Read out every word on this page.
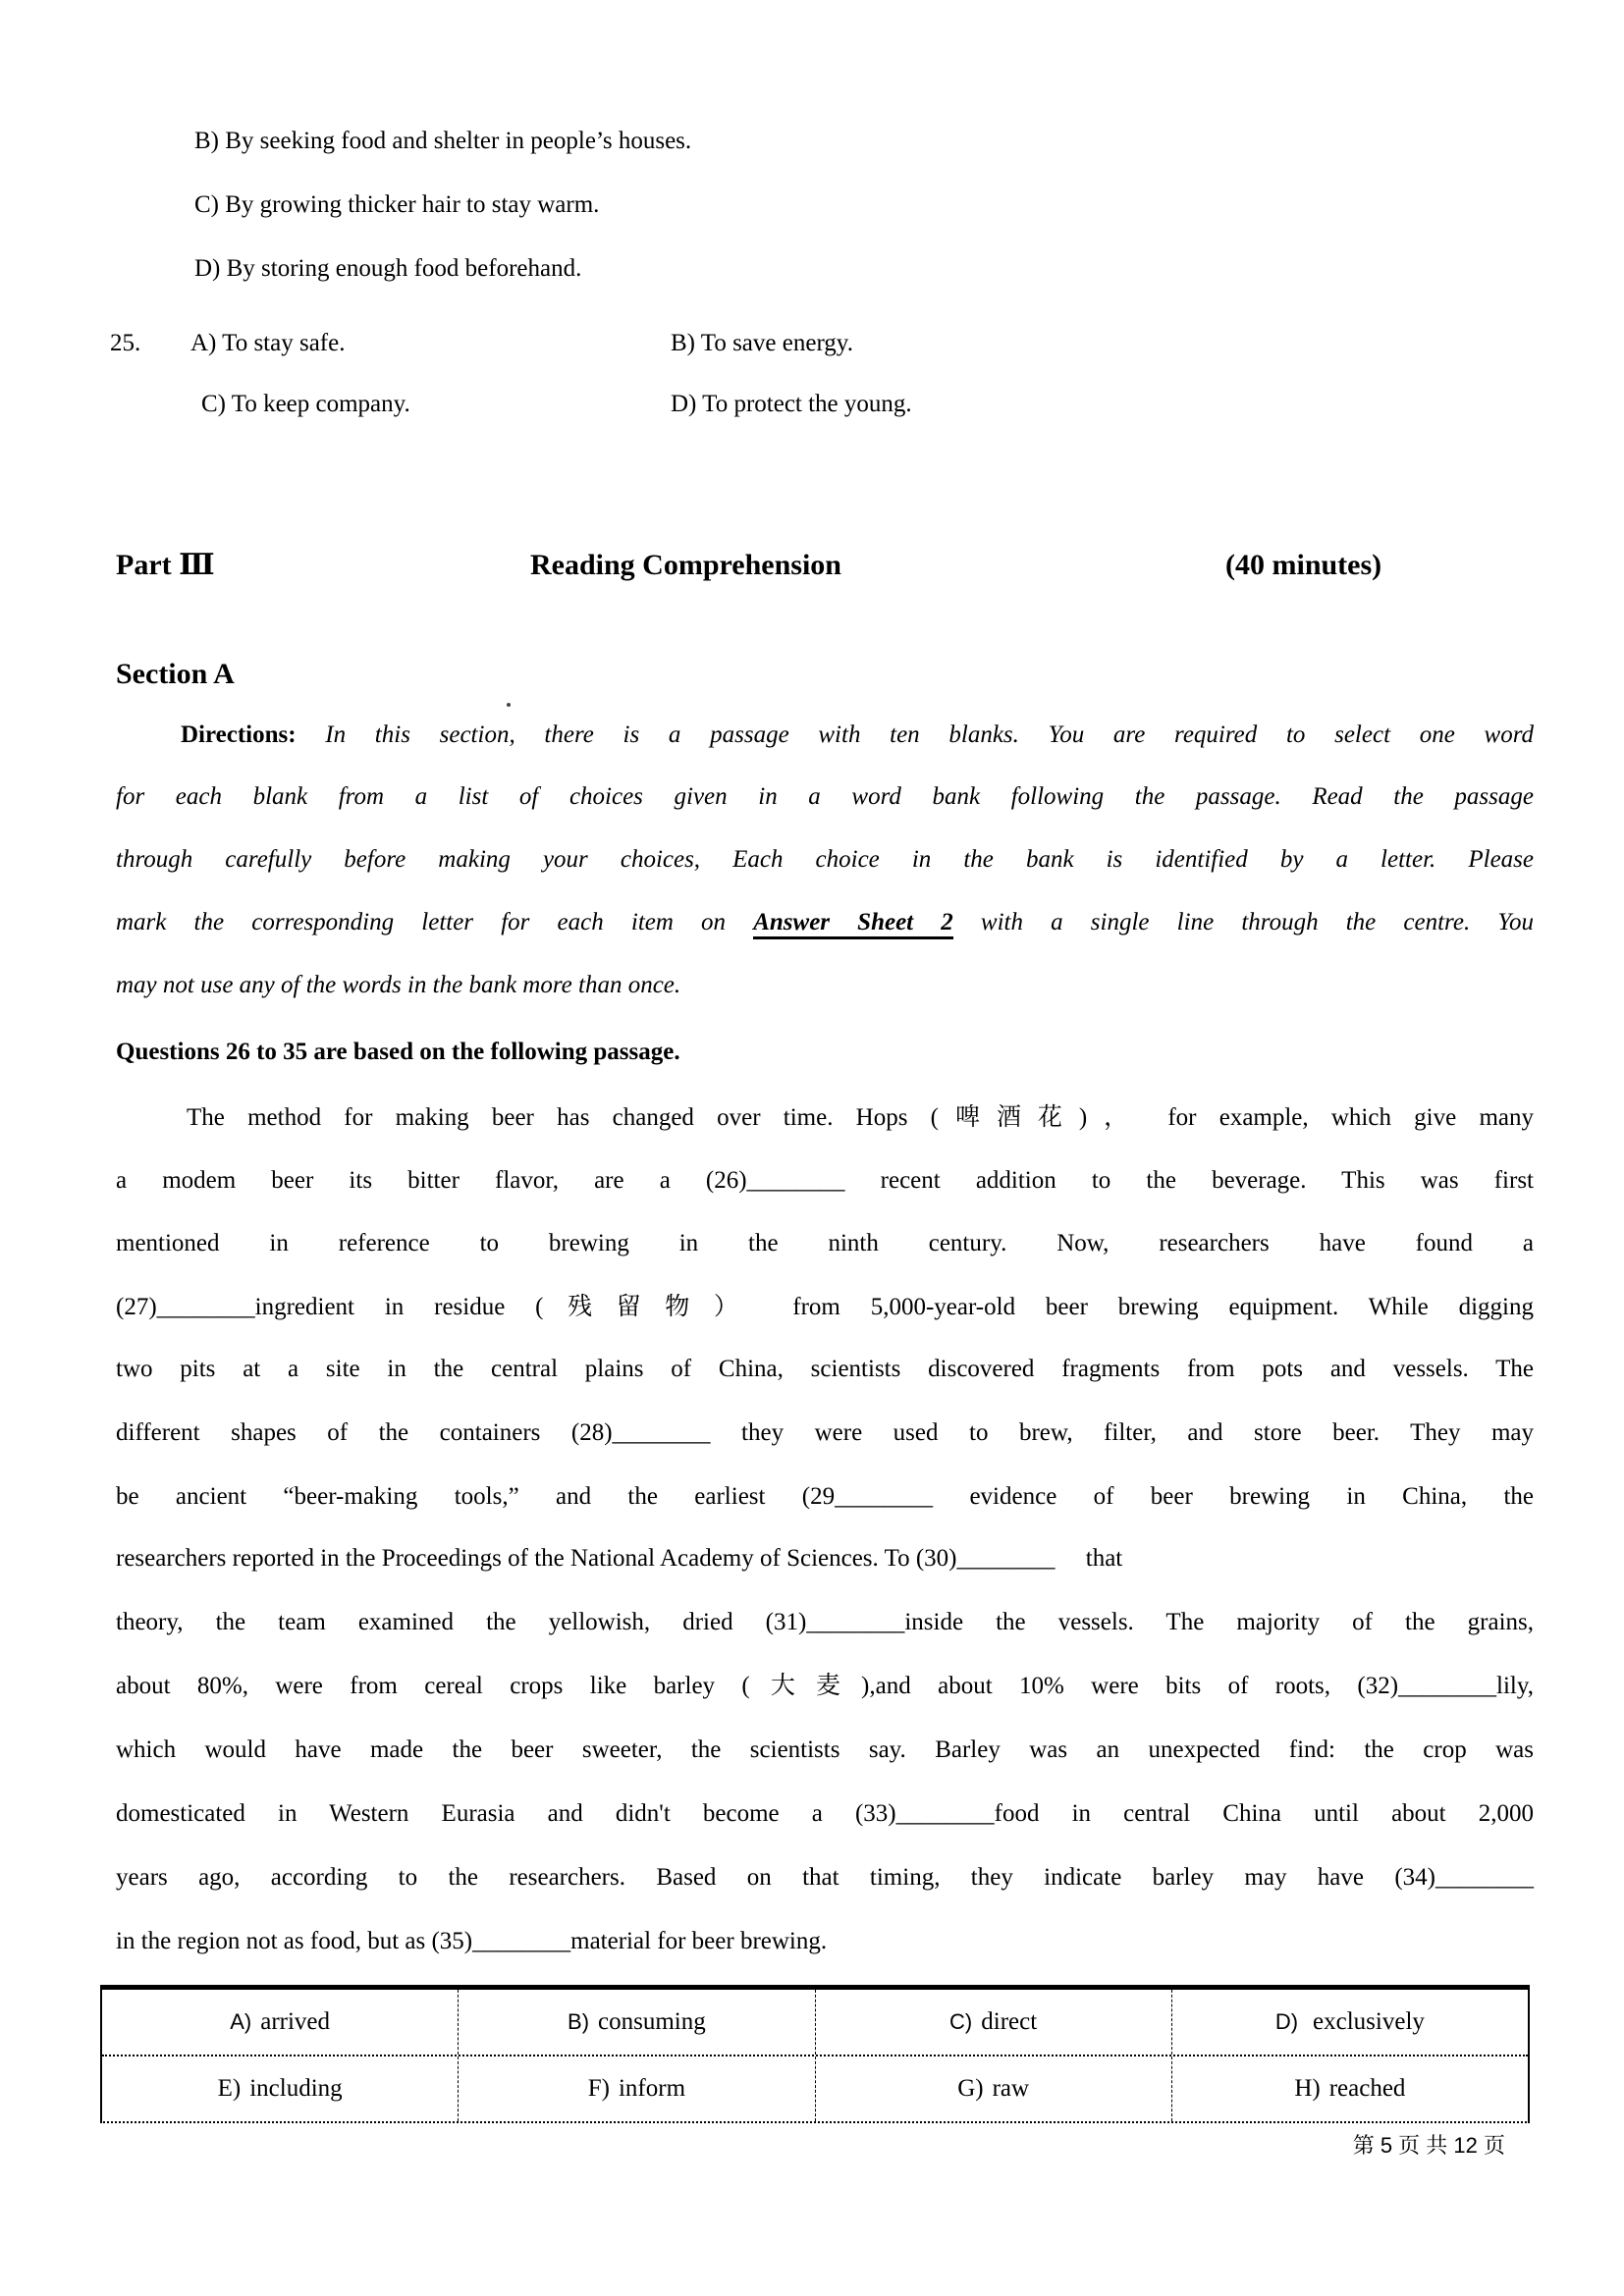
B) By seeking food and shelter in people’s houses.
C) By growing thicker hair to stay warm.
D) By storing enough food beforehand.
25. A) To stay safe.	B) To save energy.
C) To keep company.	D) To protect the young.
Part Ⅲ	Reading Comprehension	(40 minutes)
Section A
Directions: In this section, there is a passage with ten blanks. You are required to select one word
for each blank from a list of choices given in a word bank following the passage. Read the passage
through carefully before making your choices, Each choice in the bank is identified by a letter. Please
mark the corresponding letter for each item on Answer Sheet 2 with a single line through the centre. You
may not use any of the words in the bank more than once.
Questions 26 to 35 are based on the following passage.
The method for making beer has changed over time. Hops (啤酒花)， for example, which give many
a modem beer its bitter flavor, are a (26)________ recent addition to the beverage. This was first
mentioned in reference to brewing in the ninth century. Now, researchers have found a
(27)________ingredient in residue (残留物） from 5,000-year-old beer brewing equipment. While digging
two pits at a site in the central plains of China, scientists discovered fragments from pots and vessels. The
different shapes of the containers (28)________ they were used to brew, filter, and store beer. They may
be ancient “beer-making tools,” and the earliest (29________ evidence of beer brewing in China, the
researchers reported in the Proceedings of the National Academy of Sciences. To (30)________  that
theory, the team examined the yellowish, dried (31)________inside the vessels. The majority of the grains,
about 80%, were from cereal crops like barley (大麦),and about 10% were bits of roots, (32)________lily,
which would have made the beer sweeter, the scientists say. Barley was an unexpected find: the crop was
domesticated in Western Eurasia and didn't become a (33)________food in central China until about 2,000
years ago, according to the researchers. Based on that timing, they indicate barley may have (34)________
in the region not as food, but as (35)________material for beer brewing.
A) arrived	B) consuming	C) direct	D) exclusively
E) including	F) inform	G) raw	H) reached
第 5 页 共 12 页
